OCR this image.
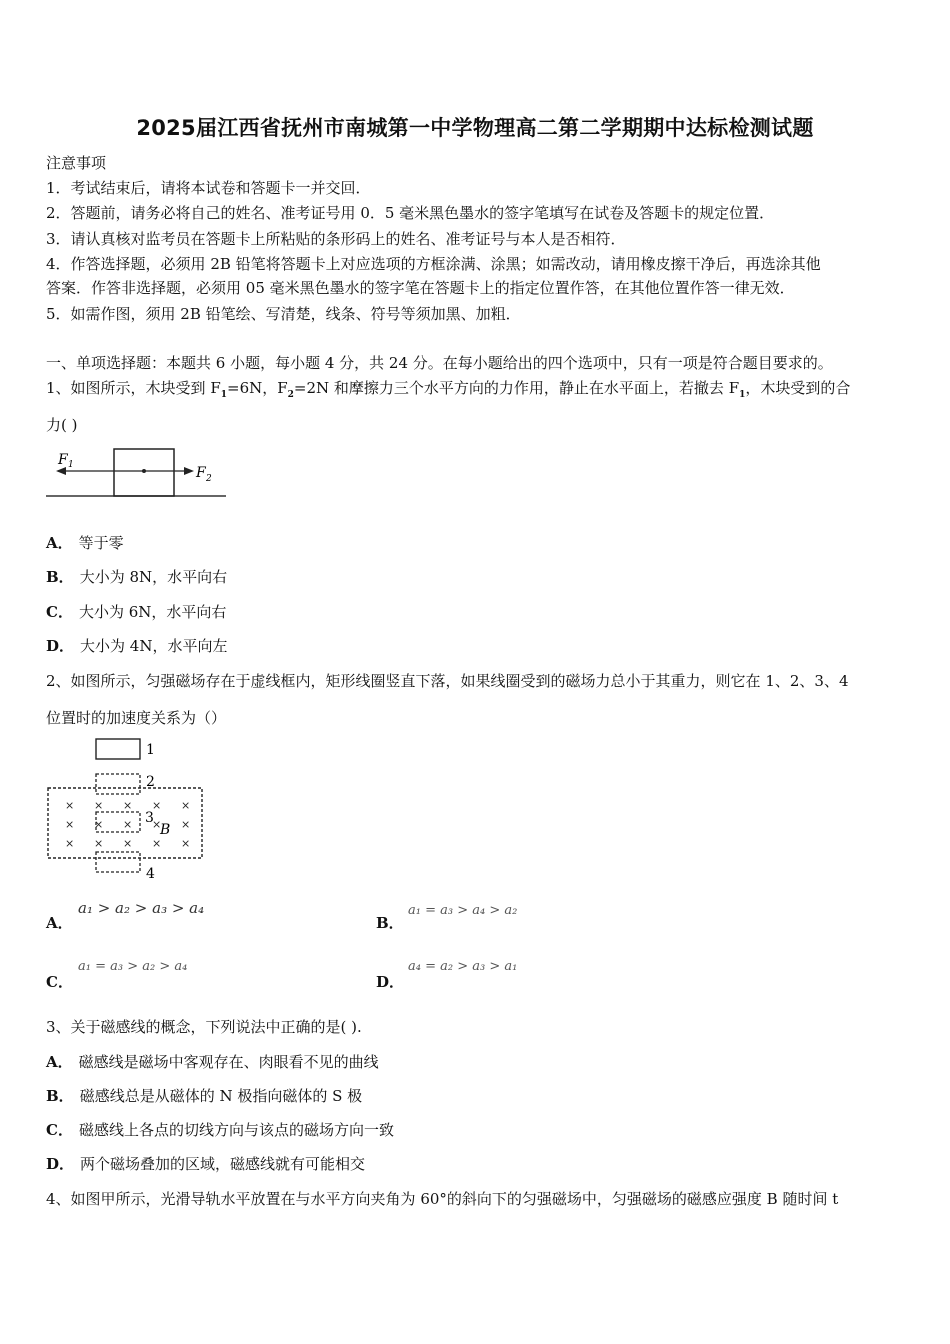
2025届江西省抚州市南城第一中学物理高二第二学期期中达标检测试题
注意事项
1．考试结束后，请将本试卷和答题卡一并交回．
2．答题前，请务必将自己的姓名、准考证号用 0．5 毫米黑色墨水的签字笔填写在试卷及答题卡的规定位置．
3．请认真核对监考员在答题卡上所粘贴的条形码上的姓名、准考证号与本人是否相符．
4．作答选择题，必须用 2B 铅笔将答题卡上对应选项的方框涂满、涂黑；如需改动，请用橡皮擦干净后，再选涂其他
答案．作答非选择题，必须用 05 毫米黑色墨水的签字笔在答题卡上的指定位置作答，在其他位置作答一律无效．
5．如需作图，须用 2B 铅笔绘、写清楚，线条、符号等须加黑、加粗．
一、单项选择题：本题共 6 小题，每小题 4 分，共 24 分。在每小题给出的四个选项中，只有一项是符合题目要求的。
1、如图所示，木块受到 $F_1=6N$，$F_2=2N$ 和摩擦力三个水平方向的力作用，静止在水平面上，若撤去 $F_1$，木块受到的合
力( )
F 1	F 2
A． 等于零
B． 大小为 8N，水平向右
C． 大小为 6N，水平向右
D． 大小为 4N，水平向左
2、如图所示，匀强磁场存在于虚线框内，矩形线圈竖直下落，如果线圈受到的磁场力总小于其重力，则它在 1、2、3、4
位置时的加速度关系为（）
1
2
× × × × ×
× × × × ×
× × × × ×
3
B
4
A．
a₁ > a₂ > a₃ > a₄
B．
a₁ = a₃ > a₄ > a₂
C．
a₁ = a₃ > a₂ > a₄
D．
a₄ = a₂ > a₃ > a₁
3、关于磁感线的概念，下列说法中正确的是( ).
A． 磁感线是磁场中客观存在、肉眼看不见的曲线
B． 磁感线总是从磁体的 N 极指向磁体的 S 极
C． 磁感线上各点的切线方向与该点的磁场方向一致
D． 两个磁场叠加的区域，磁感线就有可能相交
4、如图甲所示，光滑导轨水平放置在与水平方向夹角为 60°的斜向下的匀强磁场中，匀强磁场的磁感应强度 B 随时间 t
